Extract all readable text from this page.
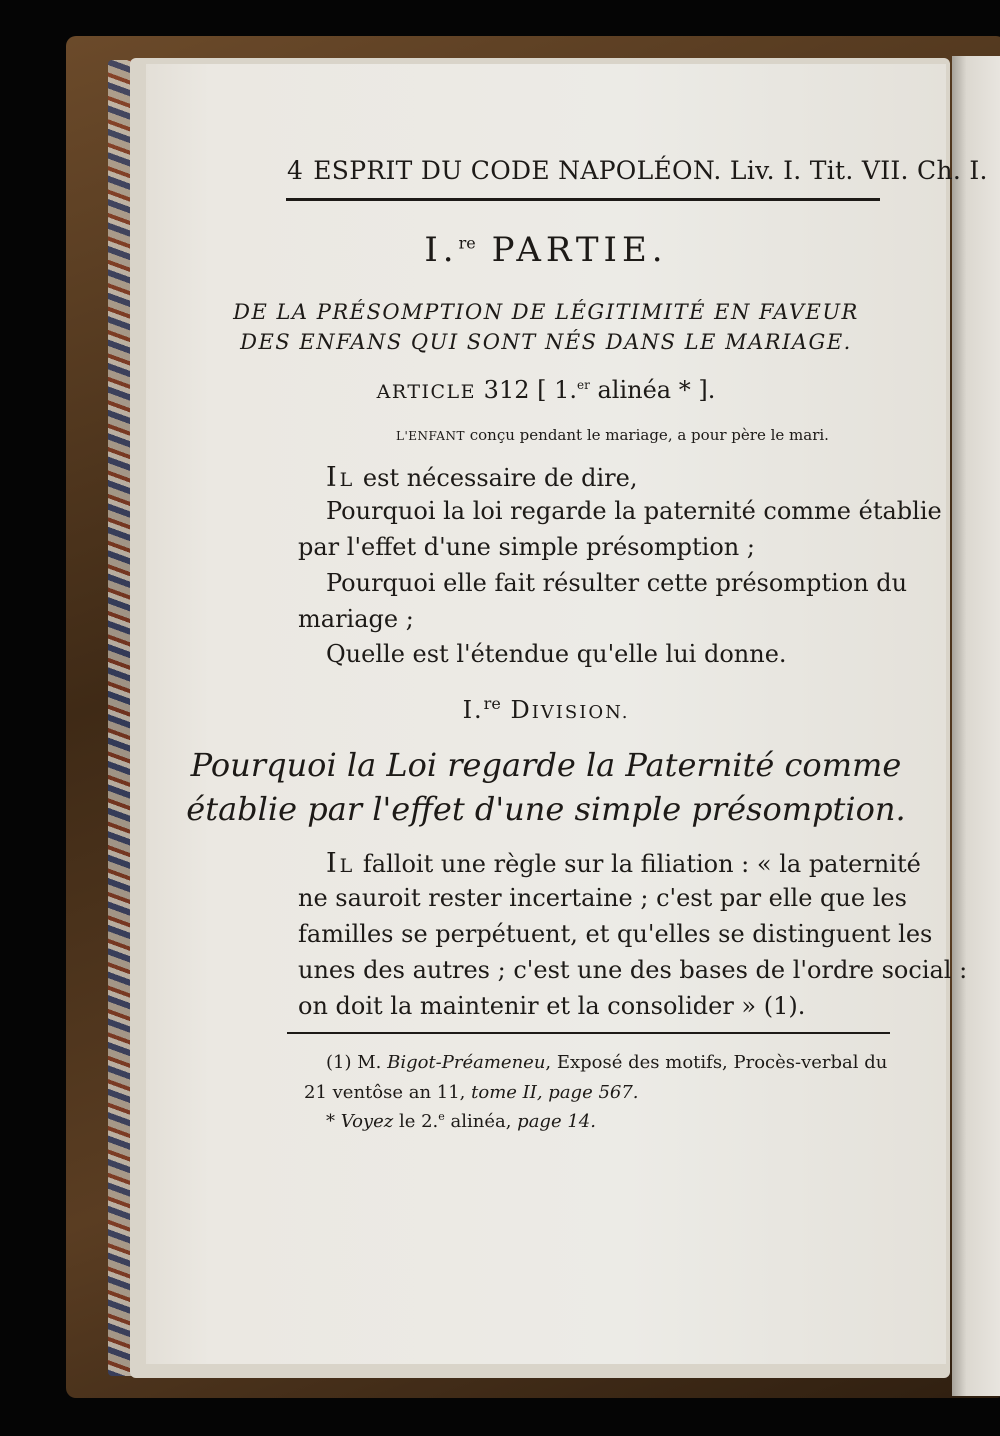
4 ESPRIT DU CODE NAPOLÉON. Liv. I. Tit. VII. Ch. I.
I.$^{re}$ PARTIE.
DE LA PRÉSOMPTION DE LÉGITIMITÉ EN FAVEUR
DES ENFANS QUI SONT NÉS DANS LE MARIAGE.
ARTICLE 312 [ 1.$^{er}$ alinéa * ].
L'ENFANT conçu pendant le mariage, a pour père le mari.
IL est nécessaire de dire,
Pourquoi la loi regarde la paternité comme établie
par l'effet d'une simple présomption ;
Pourquoi elle fait résulter cette présomption du
mariage ;
Quelle est l'étendue qu'elle lui donne.
I.$^{re}$ DIVISION.
Pourquoi la Loi regarde la Paternité comme
établie par l'effet d'une simple présomption.
IL falloit une règle sur la filiation : « la paternité
ne sauroit rester incertaine ; c'est par elle que les
familles se perpétuent, et qu'elles se distinguent les
unes des autres ; c'est une des bases de l'ordre social :
on doit la maintenir et la consolider » (1).
(1) M. Bigot-Préameneu, Exposé des motifs, Procès-verbal du
21 ventôse an 11, tome II, page 567.
* Voyez le 2.$^e$ alinéa, page 14.
